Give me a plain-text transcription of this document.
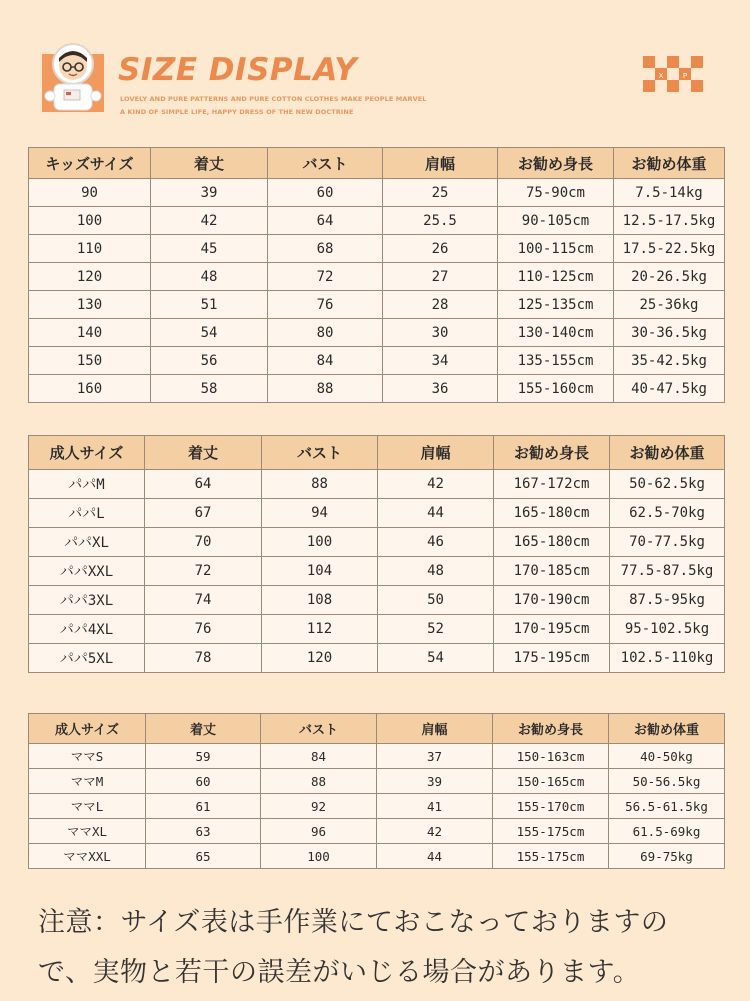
SIZE DISPLAY
LOVELY AND PURE PATTERNS AND PURE COTTON CLOTHES MAKE PEOPLE MARVEL
A KIND OF SIMPLE LIFE, HAPPY DRESS OF THE NEW DOCTRINE
X	P
キッズサイズ	着丈	バスト	肩幅	お勧め身長	お勧め体重
90	39	60	25	75-90cm	7.5-14kg
100	42	64	25.5	90-105cm	12.5-17.5kg
110	45	68	26	100-115cm	17.5-22.5kg
120	48	72	27	110-125cm	20-26.5kg
130	51	76	28	125-135cm	25-36kg
140	54	80	30	130-140cm	30-36.5kg
150	56	84	34	135-155cm	35-42.5kg
160	58	88	36	155-160cm	40-47.5kg
成人サイズ	着丈	バスト	肩幅	お勧め身長	お勧め体重
パパM	64	88	42	167-172cm	50-62.5kg
パパL	67	94	44	165-180cm	62.5-70kg
パパXL	70	100	46	165-180cm	70-77.5kg
パパXXL	72	104	48	170-185cm	77.5-87.5kg
パパ3XL	74	108	50	170-190cm	87.5-95kg
パパ4XL	76	112	52	170-195cm	95-102.5kg
パパ5XL	78	120	54	175-195cm	102.5-110kg
成人サイズ	着丈	バスト	肩幅	お勧め身長	お勧め体重
ママS	59	84	37	150-163cm	40-50kg
ママM	60	88	39	150-165cm	50-56.5kg
ママL	61	92	41	155-170cm	56.5-61.5kg
ママXL	63	96	42	155-175cm	61.5-69kg
ママXXL	65	100	44	155-175cm	69-75kg
注意：サイズ表は手作業にておこなっておりますの
で、実物と若干の誤差がいじる場合があります。
